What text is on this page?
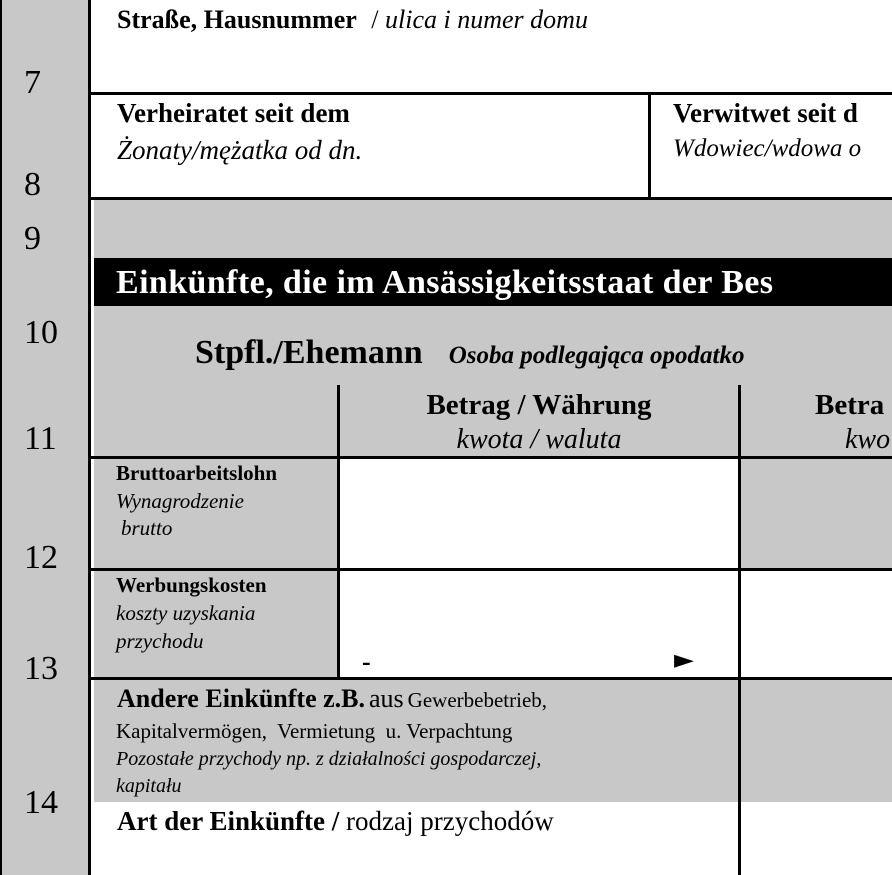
7
8
9
10
11
12
13
14
Straße, Hausnummer / ulica i numer domu
Verheiratet seit dem
Żonaty/mężatka od dn.
Verwitwet seit d
Wdowiec/wdowa o
Einkünfte, die im Ansässigkeitsstaat der Bes
Stpfl./Ehemann Osoba podlegająca opodatko
Betrag / Währung
kwota / waluta
Betra
kwo
Bruttoarbeitslohn
Wynagrodzenie
brutto
Werbungskosten
koszty uzyskania
przychodu
-	►
Andere Einkünfte z.B. aus Gewerbebetrieb,
Kapitalvermögen,  Vermietung  u. Verpachtung
Pozostałe przychody np. z działalności gospodarczej,
kapitału
Art der Einkünfte / rodzaj przychodów
